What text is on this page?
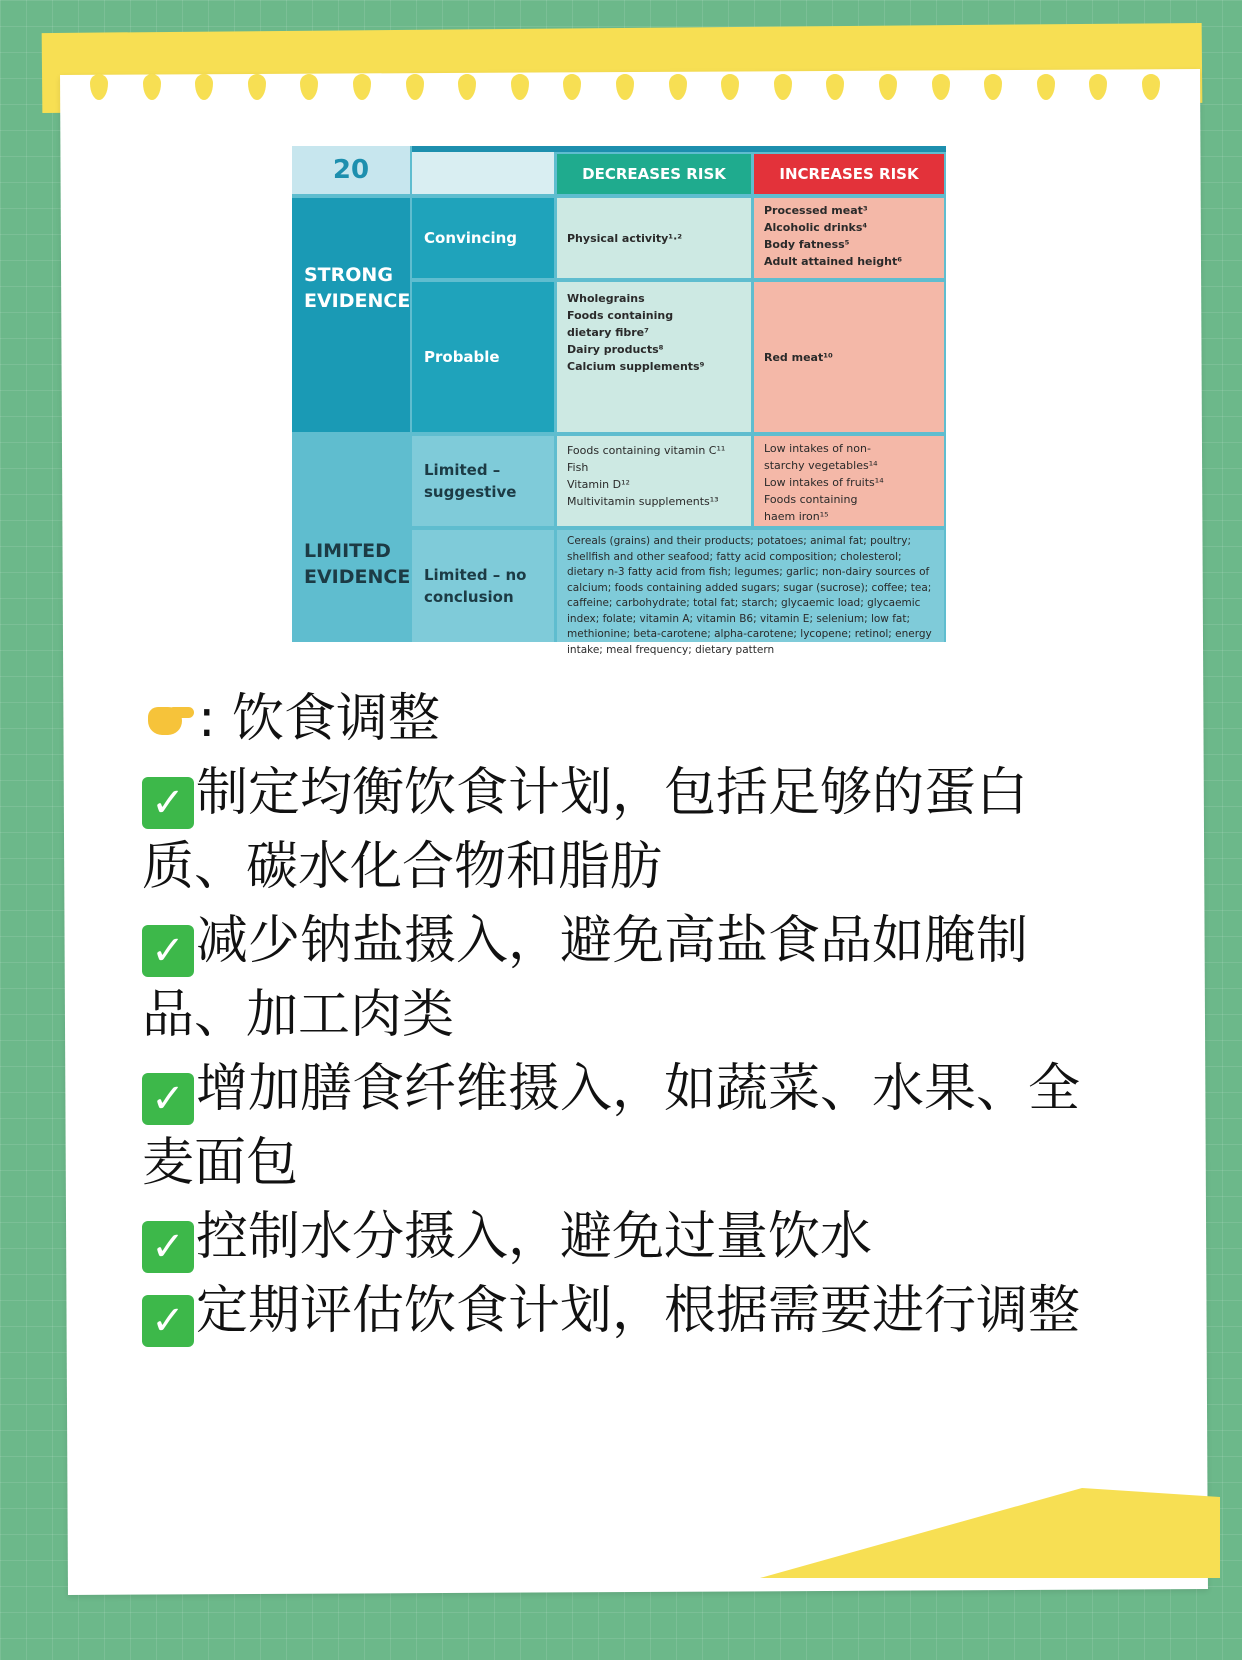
20	DECREASES RISK	INCREASES RISK
STRONG EVIDENCE
LIMITED EVIDENCE
Convincing
Probable
Limited – suggestive
Limited – no conclusion
Physical activity¹·²
Processed meat³
Alcoholic drinks⁴
Body fatness⁵
Adult attained height⁶
Wholegrains
Foods containing
dietary fibre⁷
Dairy products⁸
Calcium supplements⁹
Red meat¹⁰
Foods containing vitamin C¹¹
Fish
Vitamin D¹²
Multivitamin supplements¹³
Low intakes of non-
starchy vegetables¹⁴
Low intakes of fruits¹⁴
Foods containing
haem iron¹⁵
Cereals (grains) and their products; potatoes; animal fat; poultry; shellfish and other seafood; fatty acid composition; cholesterol; dietary n-3 fatty acid from fish; legumes; garlic; non-dairy sources of calcium; foods containing added sugars; sugar (sucrose); coffee; tea; caffeine; carbohydrate; total fat; starch; glycaemic load; glycaemic index; folate; vitamin A; vitamin B6; vitamin E; selenium; low fat; methionine; beta-carotene; alpha-carotene; lycopene; retinol; energy intake; meal frequency; dietary pattern
: 饮食调整

✓ 制定均衡饮食计划，包括足够的蛋白质、碳水化合物和脂肪

✓ 减少钠盐摄入，避免高盐食品如腌制品、加工肉类

✓ 增加膳食纤维摄入，如蔬菜、水果、全麦面包

✓ 控制水分摄入，避免过量饮水

✓ 定期评估饮食计划，根据需要进行调整
